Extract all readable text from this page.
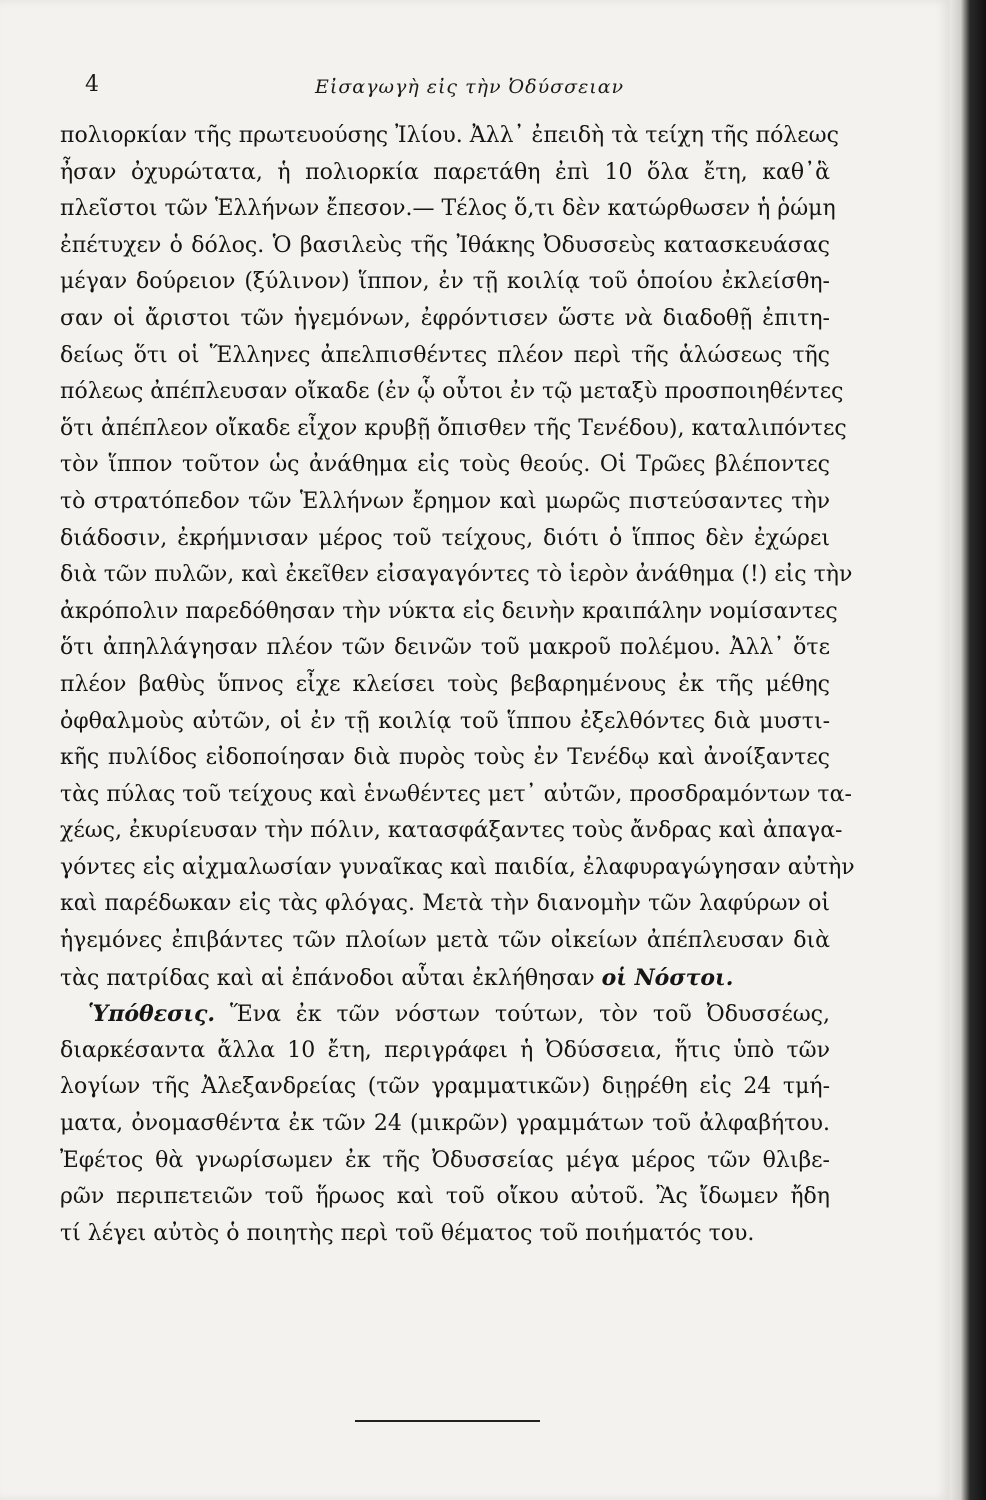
4	Εἰσαγωγὴ εἰς τὴν Ὀδύσσειαν
πολιορκίαν τῆς πρωτευούσης Ἰλίου. Ἀλλ᾿ ἐπειδὴ τὰ τείχη τῆς πόλεως
ἦσαν ὀχυρώτατα, ἡ πολιορκία παρετάθη ἐπὶ 10 ὅλα ἔτη, καθ᾿ἃ
πλεῖστοι τῶν Ἑλλήνων ἔπεσον.— Τέλος ὅ,τι δὲν κατώρθωσεν ἡ ῥώμη
ἐπέτυχεν ὁ δόλος. Ὁ βασιλεὺς τῆς Ἰθάκης Ὀδυσσεὺς κατασκευάσας
μέγαν δούρειον (ξύλινον) ἵππον, ἐν τῇ κοιλίᾳ τοῦ ὁποίου ἐκλείσθη-
σαν οἱ ἄριστοι τῶν ἡγεμόνων, ἐφρόντισεν ὥστε νὰ διαδοθῇ ἐπιτη-
δείως ὅτι οἱ Ἕλληνες ἀπελπισθέντες πλέον περὶ τῆς ἁλώσεως τῆς
πόλεως ἀπέπλευσαν οἴκαδε (ἐν ᾧ οὗτοι ἐν τῷ μεταξὺ προσποιηθέντες
ὅτι ἀπέπλεον οἴκαδε εἶχον κρυβῇ ὄπισθεν τῆς Τενέδου), καταλιπόντες
τὸν ἵππον τοῦτον ὡς ἀνάθημα εἰς τοὺς θεούς. Οἱ Τρῶες βλέποντες
τὸ στρατόπεδον τῶν Ἑλλήνων ἔρημον καὶ μωρῶς πιστεύσαντες τὴν
διάδοσιν, ἐκρήμνισαν μέρος τοῦ τείχους, διότι ὁ ἵππος δὲν ἐχώρει
διὰ τῶν πυλῶν, καὶ ἐκεῖθεν εἰσαγαγόντες τὸ ἱερὸν ἀνάθημα (!) εἰς τὴν
ἀκρόπολιν παρεδόθησαν τὴν νύκτα εἰς δεινὴν κραιπάλην νομίσαντες
ὅτι ἀπηλλάγησαν πλέον τῶν δεινῶν τοῦ μακροῦ πολέμου. Ἀλλ᾿ ὅτε
πλέον βαθὺς ὕπνος εἶχε κλείσει τοὺς βεβαρημένους ἐκ τῆς μέθης
ὀφθαλμοὺς αὐτῶν, οἱ ἐν τῇ κοιλίᾳ τοῦ ἵππου ἐξελθόντες διὰ μυστι-
κῆς πυλίδος εἰδοποίησαν διὰ πυρὸς τοὺς ἐν Τενέδῳ καὶ ἀνοίξαντες
τὰς πύλας τοῦ τείχους καὶ ἑνωθέντες μετ᾿ αὐτῶν, προσδραμόντων τα-
χέως, ἐκυρίευσαν τὴν πόλιν, κατασφάξαντες τοὺς ἄνδρας καὶ ἀπαγα-
γόντες εἰς αἰχμαλωσίαν γυναῖκας καὶ παιδία, ἐλαφυραγώγησαν αὐτὴν
καὶ παρέδωκαν εἰς τὰς φλόγας. Μετὰ τὴν διανομὴν τῶν λαφύρων οἱ
ἡγεμόνες ἐπιβάντες τῶν πλοίων μετὰ τῶν οἰκείων ἀπέπλευσαν διὰ
τὰς πατρίδας καὶ αἱ ἐπάνοδοι αὗται ἐκλήθησαν οἱ Νόστοι.
Ὑπόθεσις. Ἕνα ἐκ τῶν νόστων τούτων, τὸν τοῦ Ὀδυσσέως,
διαρκέσαντα ἄλλα 10 ἔτη, περιγράφει ἡ Ὀδύσσεια, ἥτις ὑπὸ τῶν
λογίων τῆς Ἀλεξανδρείας (τῶν γραμματικῶν) διῃρέθη εἰς 24 τμή-
ματα, ὀνομασθέντα ἐκ τῶν 24 (μικρῶν) γραμμάτων τοῦ ἀλφαβήτου.
Ἐφέτος θὰ γνωρίσωμεν ἐκ τῆς Ὀδυσσείας μέγα μέρος τῶν θλιβε-
ρῶν περιπετειῶν τοῦ ἥρωος καὶ τοῦ οἴκου αὐτοῦ. Ἂς ἴδωμεν ἤδη
τί λέγει αὐτὸς ὁ ποιητὴς περὶ τοῦ θέματος τοῦ ποιήματός του.
